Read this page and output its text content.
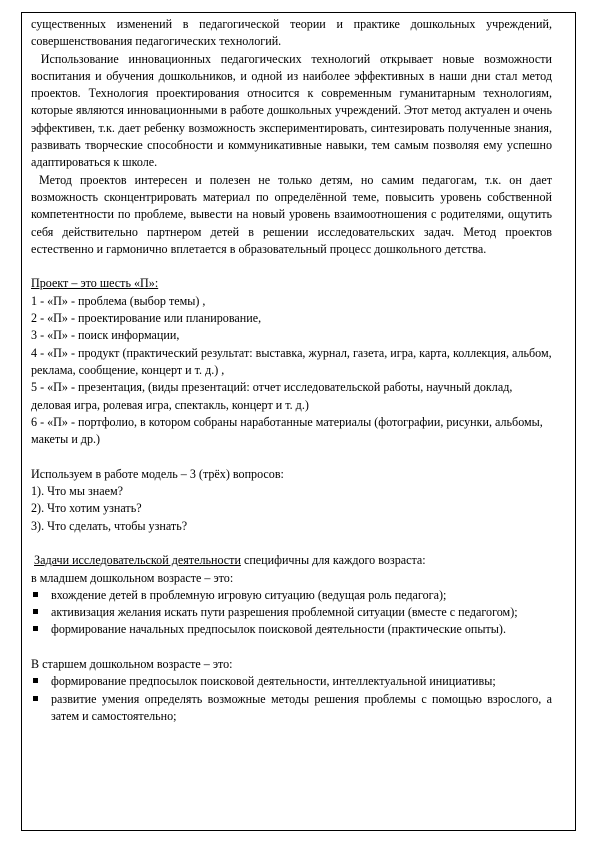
существенных изменений в педагогической теории и практике дошкольных учреждений, совершенствования педагогических технологий.

Использование инновационных педагогических технологий открывает новые возможности воспитания и обучения дошкольников, и одной из наиболее эффективных в наши дни стал метод проектов. Технология проектирования относится к современным гуманитарным технологиям, которые являются инновационными в работе дошкольных учреждений. Этот метод актуален и очень эффективен, т.к. дает ребенку возможность экспериментировать, синтезировать полученные знания, развивать творческие способности и коммуникативные навыки, тем самым позволяя ему успешно адаптироваться к школе.

Метод проектов интересен и полезен не только детям, но самим педагогам, т.к. он дает возможность сконцентрировать материал по определённой теме, повысить уровень собственной компетентности по проблеме, вывести на новый уровень взаимоотношения с родителями, ощутить себя действительно партнером детей в решении исследовательских задач. Метод проектов естественно и гармонично вплетается в образовательный процесс дошкольного детства.

Проект – это шесть «П»:

1 - «П» - проблема (выбор темы) ,

2 - «П» - проектирование или планирование,

3 - «П» - поиск информации,

4 - «П» - продукт (практический результат: выставка, журнал, газета, игра, карта, коллекция, альбом, реклама, сообщение, концерт и т. д.) ,

5 - «П» - презентация, (виды презентаций: отчет исследовательской работы, научный доклад, деловая игра, ролевая игра, спектакль, концерт и т. д.)

6 - «П» - портфолио, в котором собраны наработанные материалы (фотографии, рисунки, альбомы, макеты и др.)

Используем в работе модель – 3 (трёх) вопросов:

1). Что мы знаем?

2). Что хотим узнать?

3). Что сделать, чтобы узнать?

Задачи исследовательской деятельности специфичны для каждого возраста:

в младшем дошкольном возрасте – это:

вхождение детей в проблемную игровую ситуацию (ведущая роль педагога);
активизация желания искать пути разрешения проблемной ситуации (вместе с педагогом);
формирование начальных предпосылок поисковой деятельности (практические опыты).

В старшем дошкольном возрасте – это:

формирование предпосылок поисковой деятельности, интеллектуальной инициативы;
развитие умения определять возможные методы решения проблемы с помощью взрослого, а затем и самостоятельно;
